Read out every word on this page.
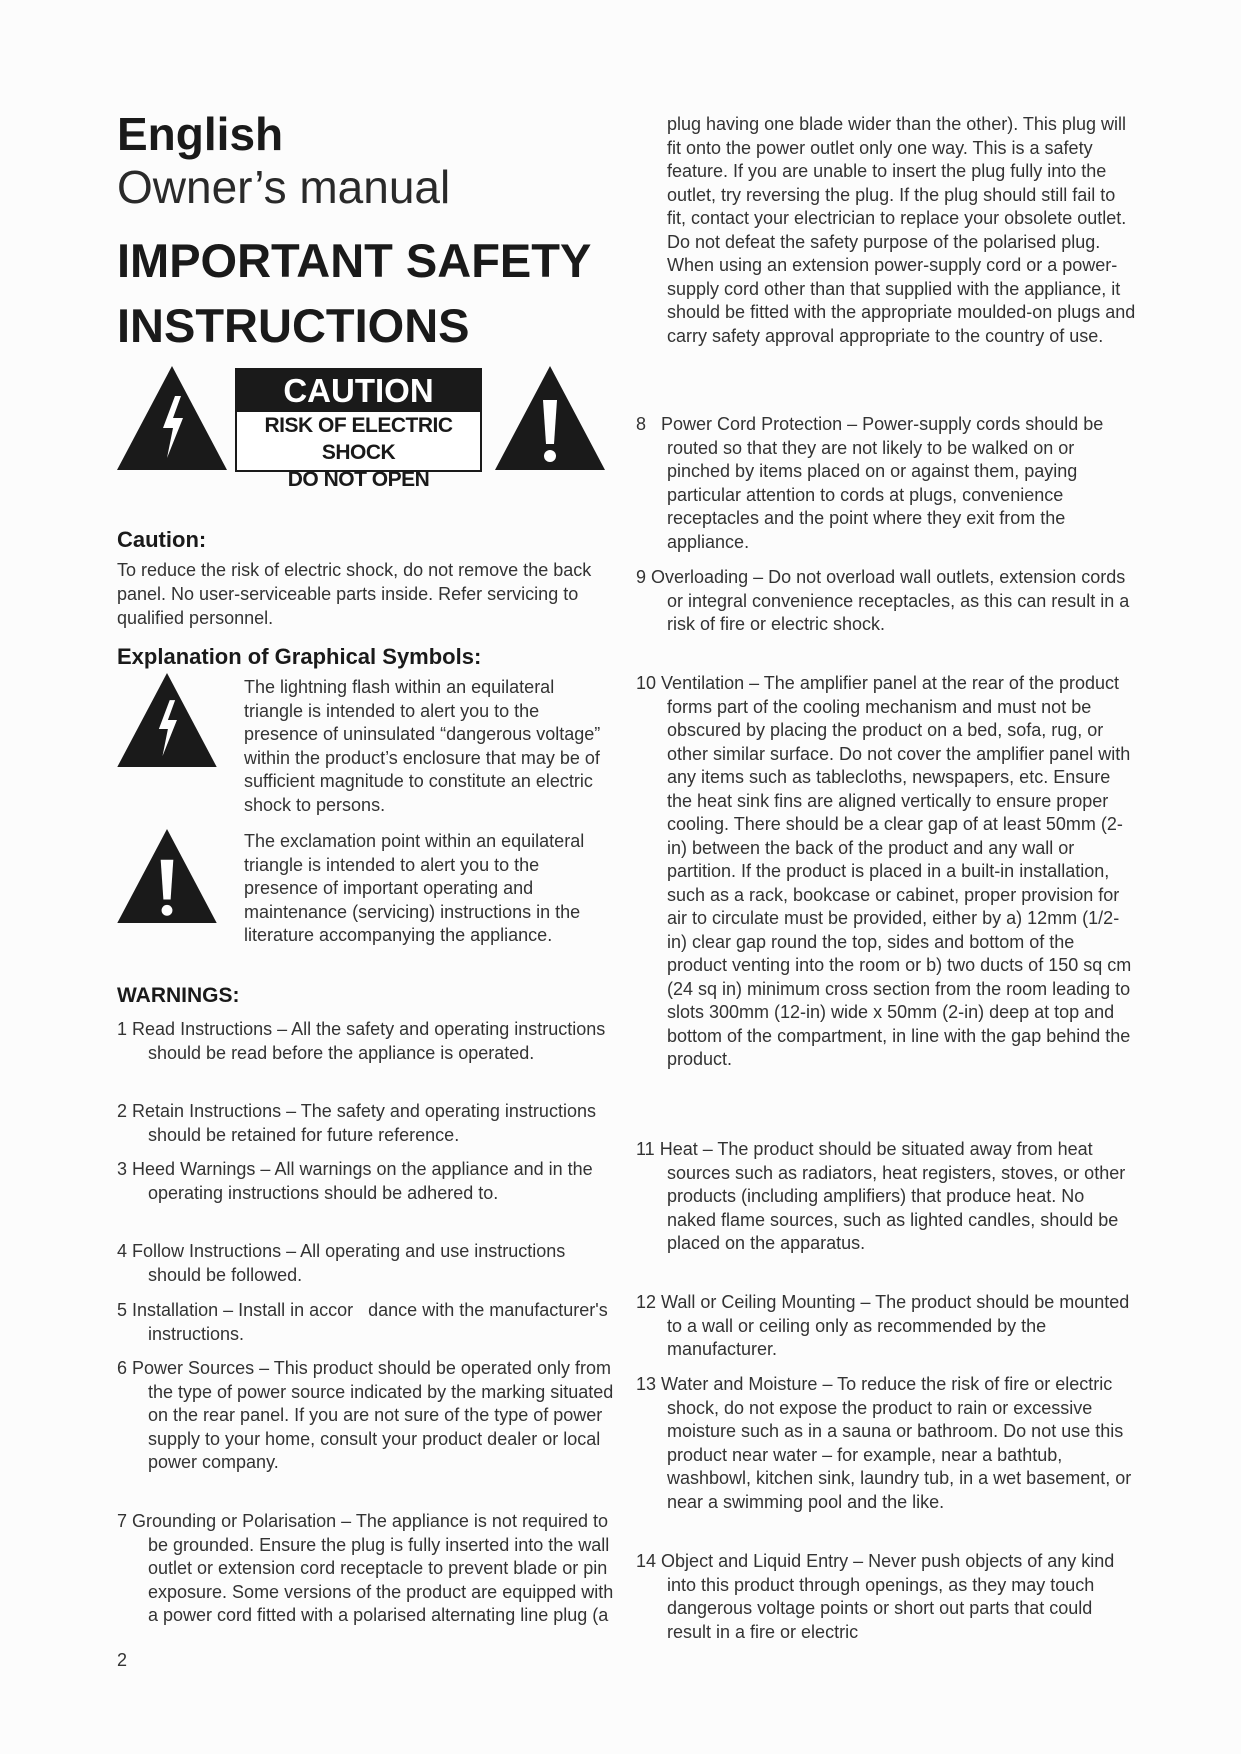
English
Owner’s manual
IMPORTANT SAFETY INSTRUCTIONS
CAUTION
RISK OF ELECTRIC SHOCK
DO NOT OPEN
Caution:

To reduce the risk of electric shock, do not remove the back panel. No user-serviceable parts inside. Refer servicing to qualified personnel.

Explanation of Graphical Symbols:

The lightning flash within an equilateral triangle is intended to alert you to the presence of uninsulated “dangerous voltage” within the product’s enclosure that may be of sufficient magnitude to constitute an electric shock to persons.

The exclamation point within an equilateral triangle is intended to alert you to the presence of important operating and maintenance (servicing) instructions in the literature accompanying the appliance.

WARNINGS:

1 Read Instructions – All the safety and operating instructions should be read before the appliance is operated.

2 Retain Instructions – The safety and operating instructions should be retained for future reference.

3 Heed Warnings – All warnings on the appliance and in the operating instructions should be adhered to.

4 Follow Instructions – All operating and use instructions should be followed.

5 Installation – Install in accor   dance with the manufacturer's instructions.

6 Power Sources – This product should be operated only from the type of power source indicated by the marking situated on the rear panel. If you are not sure of the type of power supply to your home, consult your product dealer or local power company.

7 Grounding or Polarisation – The appliance is not required to be grounded. Ensure the plug is fully inserted into the wall outlet or extension cord receptacle to prevent blade or pin exposure. Some versions of the product are equipped with a power cord fitted with a polarised alternating line plug (a

plug having one blade wider than the other). This plug will fit onto the power outlet only one way. This is a safety feature. If you are unable to insert the plug fully into the outlet, try reversing the plug. If the plug should still fail to fit, contact your electrician to replace your obsolete outlet. Do not defeat the safety purpose of the polarised plug. When using an extension power-supply cord or a power-supply cord other than that supplied with the appliance, it should be fitted with the appropriate moulded-on plugs and carry safety approval appropriate to the country of use.

8 Power Cord Protection – Power-supply cords should be routed so that they are not likely to be walked on or pinched by items placed on or against them, paying particular attention to cords at plugs, convenience receptacles and the point where they exit from the appliance.

9 Overloading – Do not overload wall outlets, extension cords or integral convenience receptacles, as this can result in a risk of fire or electric shock.

10 Ventilation – The amplifier panel at the rear of the product forms part of the cooling mechanism and must not be obscured by placing the product on a bed, sofa, rug, or other similar surface. Do not cover the amplifier panel with any items such as tablecloths, newspapers, etc. Ensure the heat sink fins are aligned vertically to ensure proper cooling. There should be a clear gap of at least 50mm (2-in) between the back of the product and any wall or partition. If the product is placed in a built-in installation, such as a rack, bookcase or cabinet, proper provision for air to circulate must be provided, either by a) 12mm (1/2-in) clear gap round the top, sides and bottom of the product venting into the room or b) two ducts of 150 sq cm (24 sq in) minimum cross section from the room leading to slots 300mm (12-in) wide x 50mm (2-in) deep at top and bottom of the compartment, in line with the gap behind the product.

11 Heat – The product should be situated away from heat sources such as radiators, heat registers, stoves, or other products (including amplifiers) that produce heat. No naked flame sources, such as lighted candles, should be placed on the apparatus.

12 Wall or Ceiling Mounting – The product should be mounted to a wall or ceiling only as recommended by the manufacturer.

13 Water and Moisture – To reduce the risk of fire or electric shock, do not expose the product to rain or excessive moisture such as in a sauna or bathroom. Do not use this product near water – for example, near a bathtub, washbowl, kitchen sink, laundry tub, in a wet basement, or near a swimming pool and the like.

14 Object and Liquid Entry – Never push objects of any kind into this product through openings, as they may touch dangerous voltage points or short out parts that could result in a fire or electric

2
